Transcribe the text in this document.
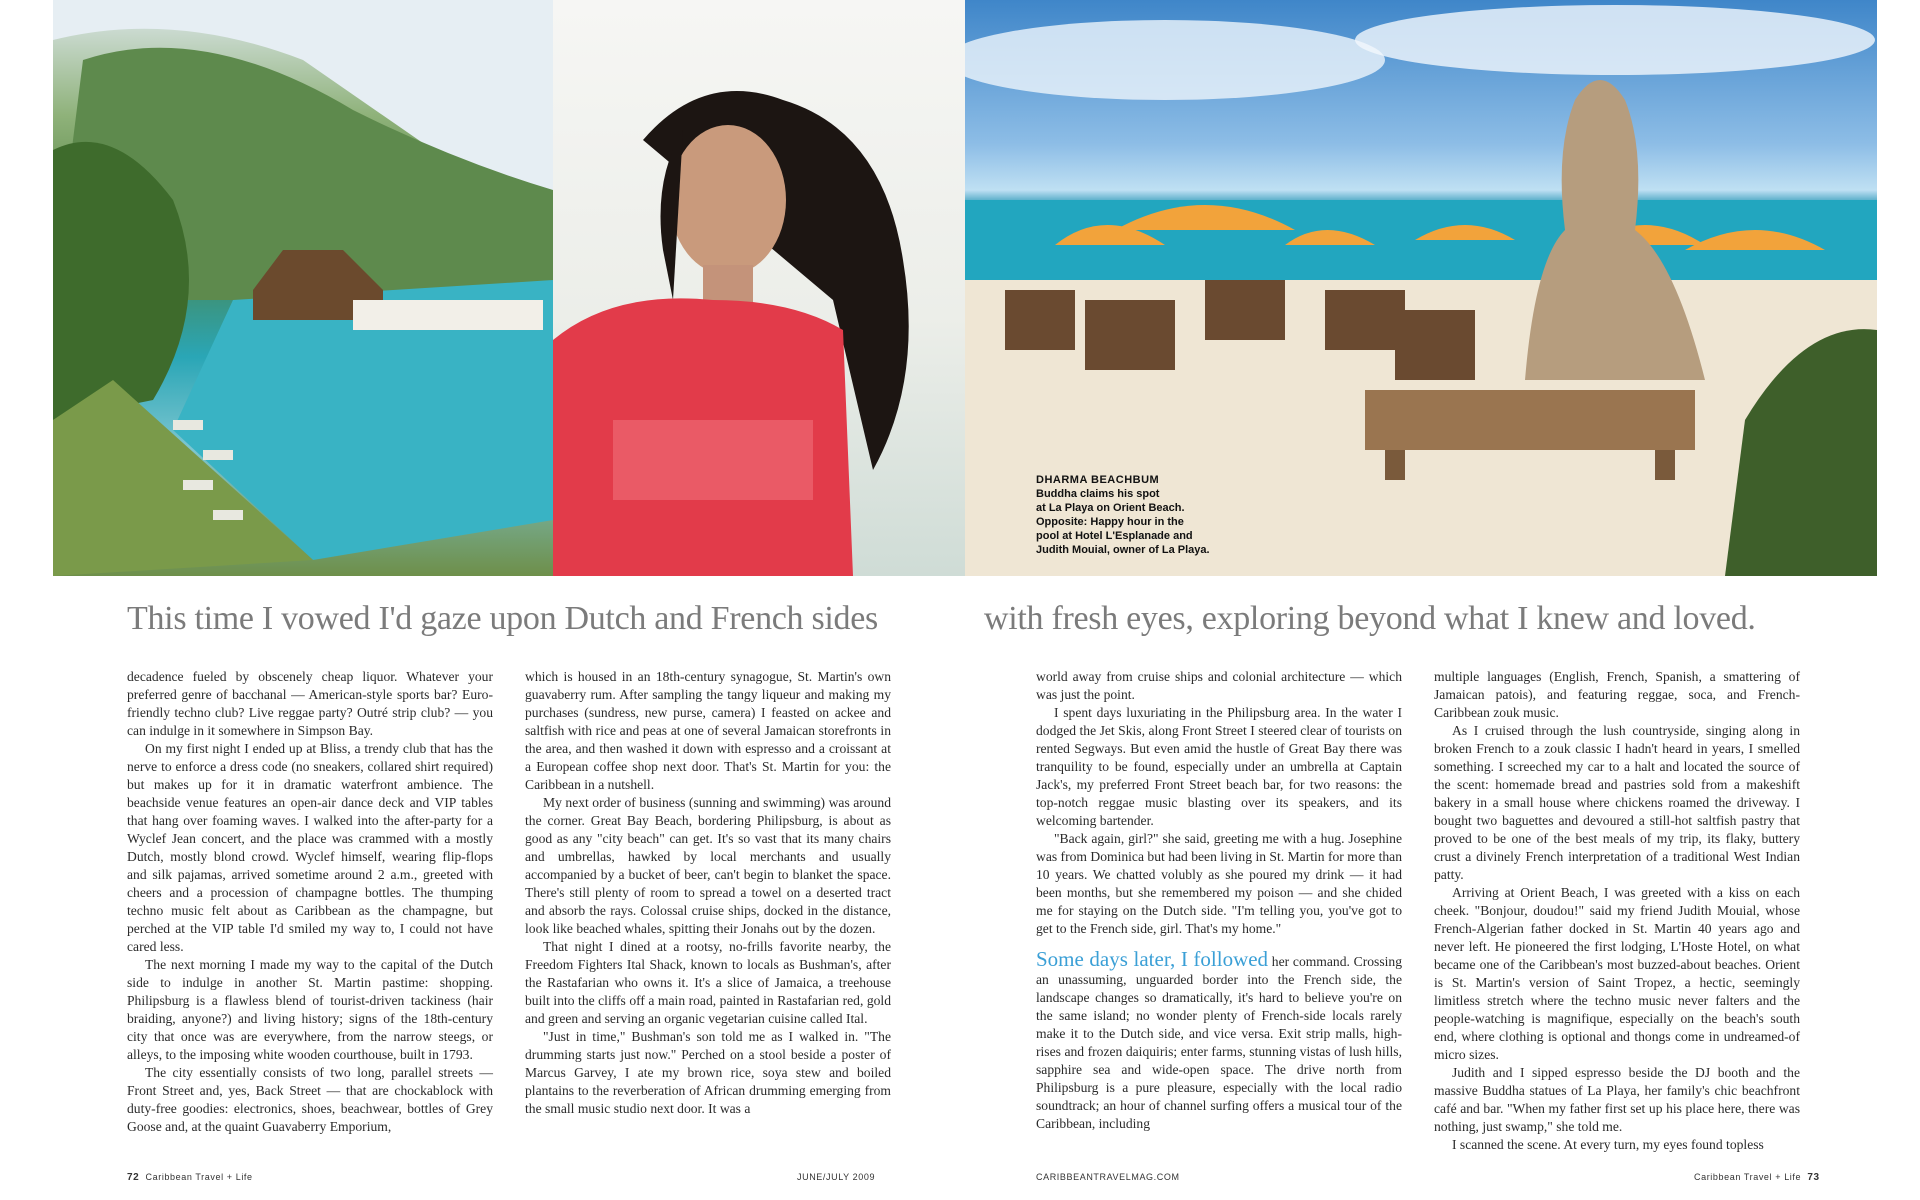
DHARMA BEACHBUM
Buddha claims his spot
at La Playa on Orient Beach.
Opposite: Happy hour in the
pool at Hotel L'Esplanade and
Judith Mouial, owner of La Playa.
This time I vowed I'd gaze upon Dutch and French sides	with fresh eyes, exploring beyond what I knew and loved.

decadence fueled by obscenely cheap liquor. Whatever your preferred genre of bacchanal — American-style sports bar? Euro-friendly techno club? Live reggae party? Outré strip club? — you can indulge in it somewhere in Simpson Bay.

On my first night I ended up at Bliss, a trendy club that has the nerve to enforce a dress code (no sneakers, collared shirt required) but makes up for it in dramatic waterfront ambience. The beachside venue features an open-air dance deck and VIP tables that hang over foaming waves. I walked into the after-party for a Wyclef Jean concert, and the place was crammed with a mostly Dutch, mostly blond crowd. Wyclef himself, wearing flip-flops and silk pajamas, arrived sometime around 2 a.m., greeted with cheers and a procession of champagne bottles. The thumping techno music felt about as Caribbean as the champagne, but perched at the VIP table I'd smiled my way to, I could not have cared less.

The next morning I made my way to the capital of the Dutch side to indulge in another St. Martin pastime: shopping. Philipsburg is a flawless blend of tourist-driven tackiness (hair braiding, anyone?) and living history; signs of the 18th-century city that once was are everywhere, from the narrow steegs, or alleys, to the imposing white wooden courthouse, built in 1793.

The city essentially consists of two long, parallel streets — Front Street and, yes, Back Street — that are chockablock with duty-free goodies: electronics, shoes, beachwear, bottles of Grey Goose and, at the quaint Guavaberry Emporium,

which is housed in an 18th-century synagogue, St. Martin's own guavaberry rum. After sampling the tangy liqueur and making my purchases (sundress, new purse, camera) I feasted on ackee and saltfish with rice and peas at one of several Jamaican storefronts in the area, and then washed it down with espresso and a croissant at a European coffee shop next door. That's St. Martin for you: the Caribbean in a nutshell.

My next order of business (sunning and swimming) was around the corner. Great Bay Beach, bordering Philipsburg, is about as good as any "city beach" can get. It's so vast that its many chairs and umbrellas, hawked by local merchants and usually accompanied by a bucket of beer, can't begin to blanket the space. There's still plenty of room to spread a towel on a deserted tract and absorb the rays. Colossal cruise ships, docked in the distance, look like beached whales, spitting their Jonahs out by the dozen.

That night I dined at a rootsy, no-frills favorite nearby, the Freedom Fighters Ital Shack, known to locals as Bushman's, after the Rastafarian who owns it. It's a slice of Jamaica, a treehouse built into the cliffs off a main road, painted in Rastafarian red, gold and green and serving an organic vegetarian cuisine called Ital.

"Just in time," Bushman's son told me as I walked in. "The drumming starts just now." Perched on a stool beside a poster of Marcus Garvey, I ate my brown rice, soya stew and boiled plantains to the reverberation of African drumming emerging from the small music studio next door. It was a

world away from cruise ships and colonial architecture — which was just the point.

I spent days luxuriating in the Philipsburg area. In the water I dodged the Jet Skis, along Front Street I steered clear of tourists on rented Segways. But even amid the hustle of Great Bay there was tranquility to be found, especially under an umbrella at Captain Jack's, my preferred Front Street beach bar, for two reasons: the top-notch reggae music blasting over its speakers, and its welcoming bartender.

"Back again, girl?" she said, greeting me with a hug. Josephine was from Dominica but had been living in St. Martin for more than 10 years. We chatted volubly as she poured my drink — it had been months, but she remembered my poison — and she chided me for staying on the Dutch side. "I'm telling you, you've got to get to the French side, girl. That's my home."

Some days later, I followed her command. Crossing an unassuming, unguarded border into the French side, the landscape changes so dramatically, it's hard to believe you're on the same island; no wonder plenty of French-side locals rarely make it to the Dutch side, and vice versa. Exit strip malls, high-rises and frozen daiquiris; enter farms, stunning vistas of lush hills, sapphire sea and wide-open space. The drive north from Philipsburg is a pure pleasure, especially with the local radio soundtrack; an hour of channel surfing offers a musical tour of the Caribbean, including

multiple languages (English, French, Spanish, a smattering of Jamaican patois), and featuring reggae, soca, and French-Caribbean zouk music.

As I cruised through the lush countryside, singing along in broken French to a zouk classic I hadn't heard in years, I smelled something. I screeched my car to a halt and located the source of the scent: homemade bread and pastries sold from a makeshift bakery in a small house where chickens roamed the driveway. I bought two baguettes and devoured a still-hot saltfish pastry that proved to be one of the best meals of my trip, its flaky, buttery crust a divinely French interpretation of a traditional West Indian patty.

Arriving at Orient Beach, I was greeted with a kiss on each cheek. "Bonjour, doudou!" said my friend Judith Mouial, whose French-Algerian father docked in St. Martin 40 years ago and never left. He pioneered the first lodging, L'Hoste Hotel, on what became one of the Caribbean's most buzzed-about beaches. Orient is St. Martin's version of Saint Tropez, a hectic, seemingly limitless stretch where the techno music never falters and the people-watching is magnifique, especially on the beach's south end, where clothing is optional and thongs come in undreamed-of micro sizes.

Judith and I sipped espresso beside the DJ booth and the massive Buddha statues of La Playa, her family's chic beachfront café and bar. "When my father first set up his place here, there was nothing, just swamp," she told me.

I scanned the scene. At every turn, my eyes found topless

72 Caribbean Travel + Life	JUNE/JULY 2009	CARIBBEANTRAVELMAG.COM	Caribbean Travel + Life 73
